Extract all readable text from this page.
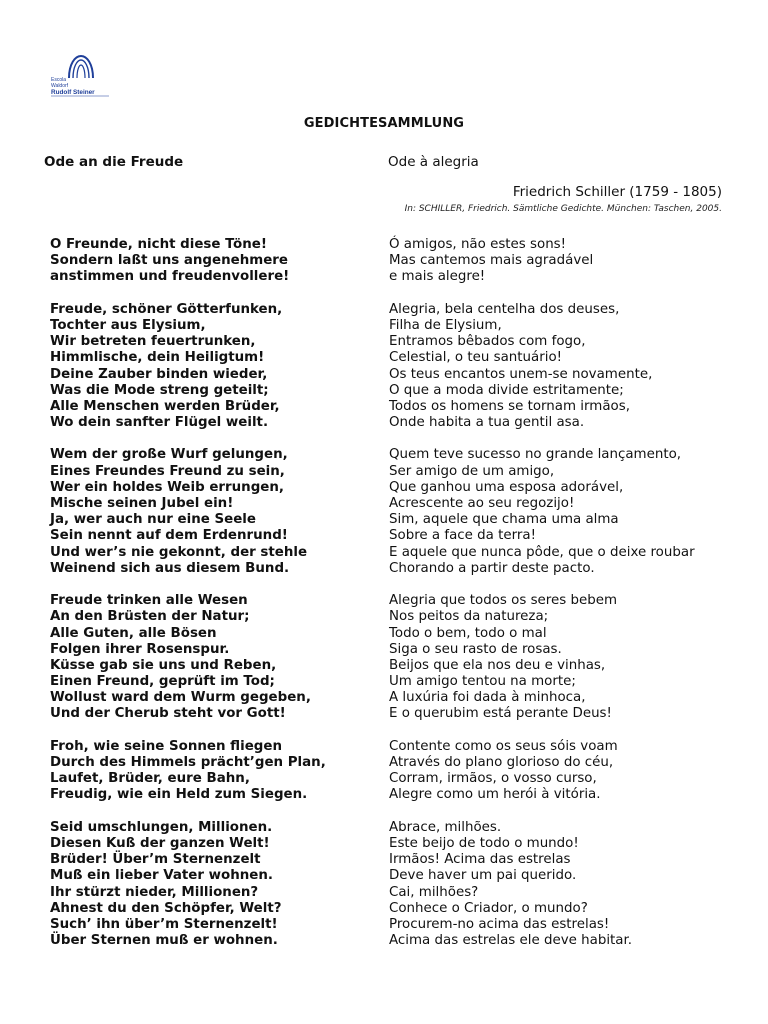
Escola
Waldorf
Rudolf Steiner
GEDICHTESAMMLUNG
Ode an die Freude	Ode à alegria
Friedrich Schiller (1759 - 1805)
In: SCHILLER, Friedrich. Sämtliche Gedichte. München: Taschen, 2005.
O Freunde, nicht diese Töne!
Sondern laßt uns angenehmere
anstimmen und freudenvollere!
Freude, schöner Götterfunken,
Tochter aus Elysium,
Wir betreten feuertrunken,
Himmlische, dein Heiligtum!
Deine Zauber binden wieder,
Was die Mode streng geteilt;
Alle Menschen werden Brüder,
Wo dein sanfter Flügel weilt.
Wem der große Wurf gelungen,
Eines Freundes Freund zu sein,
Wer ein holdes Weib errungen,
Mische seinen Jubel ein!
Ja, wer auch nur eine Seele
Sein nennt auf dem Erdenrund!
Und wer’s nie gekonnt, der stehle
Weinend sich aus diesem Bund.
Freude trinken alle Wesen
An den Brüsten der Natur;
Alle Guten, alle Bösen
Folgen ihrer Rosenspur.
Küsse gab sie uns und Reben,
Einen Freund, geprüft im Tod;
Wollust ward dem Wurm gegeben,
Und der Cherub steht vor Gott!
Froh, wie seine Sonnen fliegen
Durch des Himmels prächt’gen Plan,
Laufet, Brüder, eure Bahn,
Freudig, wie ein Held zum Siegen.
Seid umschlungen, Millionen.
Diesen Kuß der ganzen Welt!
Brüder! Über’m Sternenzelt
Muß ein lieber Vater wohnen.
Ihr stürzt nieder, Millionen?
Ahnest du den Schöpfer, Welt?
Such’ ihn über’m Sternenzelt!
Über Sternen muß er wohnen.
Ó amigos, não estes sons!
Mas cantemos mais agradável
e mais alegre!
Alegria, bela centelha dos deuses,
Filha de Elysium,
Entramos bêbados com fogo,
Celestial, o teu santuário!
Os teus encantos unem-se novamente,
O que a moda divide estritamente;
Todos os homens se tornam irmãos,
Onde habita a tua gentil asa.
Quem teve sucesso no grande lançamento,
Ser amigo de um amigo,
Que ganhou uma esposa adorável,
Acrescente ao seu regozijo!
Sim, aquele que chama uma alma
Sobre a face da terra!
E aquele que nunca pôde, que o deixe roubar
Chorando a partir deste pacto.
Alegria que todos os seres bebem
Nos peitos da natureza;
Todo o bem, todo o mal
Siga o seu rasto de rosas.
Beijos que ela nos deu e vinhas,
Um amigo tentou na morte;
A luxúria foi dada à minhoca,
E o querubim está perante Deus!
Contente como os seus sóis voam
Através do plano glorioso do céu,
Corram, irmãos, o vosso curso,
Alegre como um herói à vitória.
Abrace, milhões.
Este beijo de todo o mundo!
Irmãos! Acima das estrelas
Deve haver um pai querido.
Cai, milhões?
Conhece o Criador, o mundo?
Procurem-no acima das estrelas!
Acima das estrelas ele deve habitar.
